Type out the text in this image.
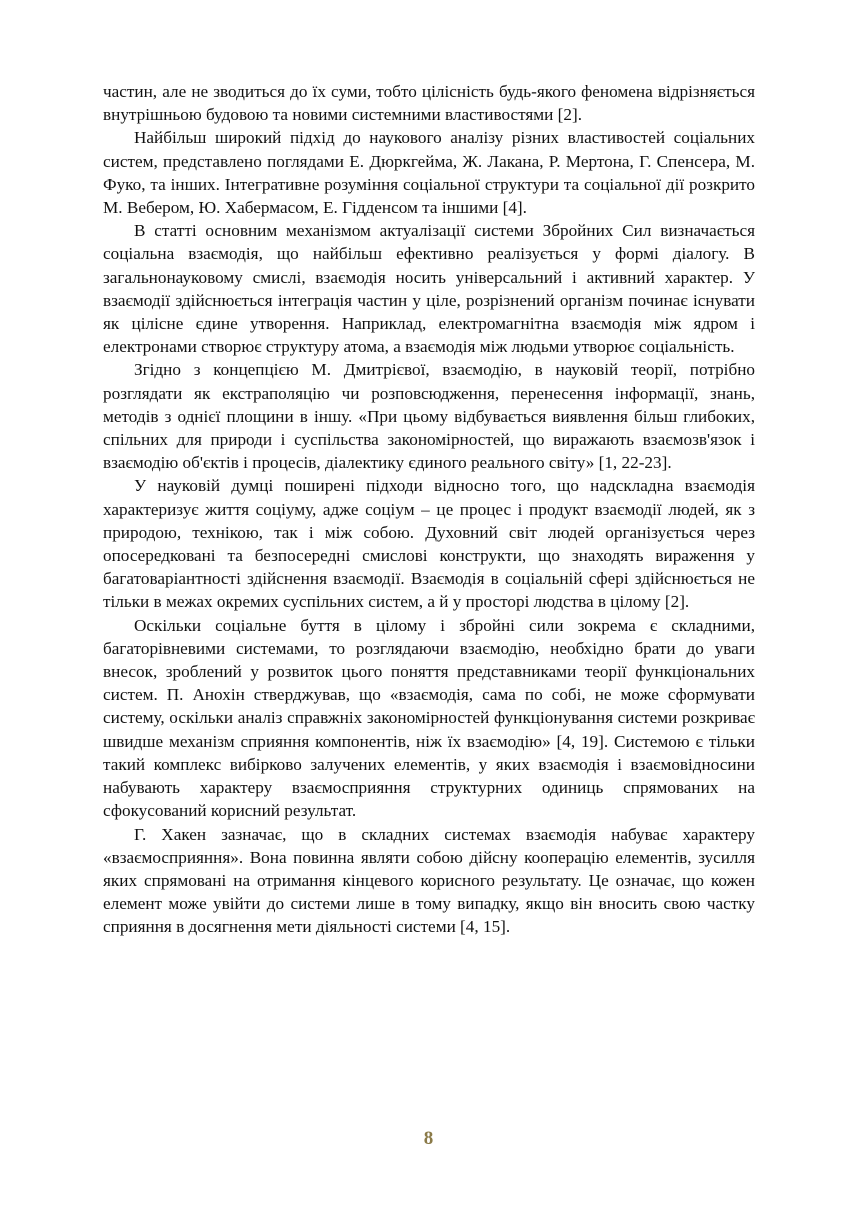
частин, але не зводиться до їх суми, тобто цілісність будь-якого феномена відрізняється внутрішньою будовою та новими системними властивостями [2].

Найбільш широкий підхід до наукового аналізу різних властивостей соціальних систем, представлено поглядами Е. Дюркгейма, Ж. Лакана, Р. Мертона, Г. Спенсера, М. Фуко, та інших. Інтегративне розуміння соціальної структури та соціальної дії розкрито М. Вебером, Ю. Хабермасом, Е. Гідденсом та іншими [4].

В статті основним механізмом актуалізації системи Збройних Сил визначається соціальна взаємодія, що найбільш ефективно реалізується у формі діалогу. В загальнонауковому смислі, взаємодія носить універсальний і активний характер. У взаємодії здійснюється інтеграція частин у ціле, розрізнений організм починає існувати як цілісне єдине утворення. Наприклад, електромагнітна взаємодія між ядром і електронами створює структуру атома, а взаємодія між людьми утворює соціальність.

Згідно з концепцією М. Дмитрієвої, взаємодію, в науковій теорії, потрібно розглядати як екстраполяцію чи розповсюдження, перенесення інформації, знань, методів з однієї площини в іншу. «При цьому відбувається виявлення більш глибоких, спільних для природи і суспільства закономірностей, що виражають взаємозв'язок і взаємодію об'єктів і процесів, діалектику єдиного реального світу» [1, 22-23].

У науковій думці поширені підходи відносно того, що надскладна взаємодія характеризує життя соціуму, адже соціум – це процес і продукт взаємодії людей, як з природою, технікою, так і між собою. Духовний світ людей організується через опосередковані та безпосередні смислові конструкти, що знаходять вираження у багатоваріантності здійснення взаємодії. Взаємодія в соціальній сфері здійснюється не тільки в межах окремих суспільних систем, а й у просторі людства в цілому [2].

Оскільки соціальне буття в цілому і збройні сили зокрема є складними, багаторівневими системами, то розглядаючи взаємодію, необхідно брати до уваги внесок, зроблений у розвиток цього поняття представниками теорії функціональних систем. П. Анохін стверджував, що «взаємодія, сама по собі, не може сформувати систему, оскільки аналіз справжніх закономірностей функціонування системи розкриває швидше механізм сприяння компонентів, ніж їх взаємодію» [4, 19]. Системою є тільки такий комплекс вибірково залучених елементів, у яких взаємодія і взаємовідносини набувають характеру взаємосприяння структурних одиниць спрямованих на сфокусований корисний результат.

Г. Хакен зазначає, що в складних системах взаємодія набуває характеру «взаємосприяння». Вона повинна являти собою дійсну кооперацію елементів, зусилля яких спрямовані на отримання кінцевого корисного результату. Це означає, що кожен елемент може увійти до системи лише в тому випадку, якщо він вносить свою частку сприяння в досягнення мети діяльності системи [4, 15].

8
